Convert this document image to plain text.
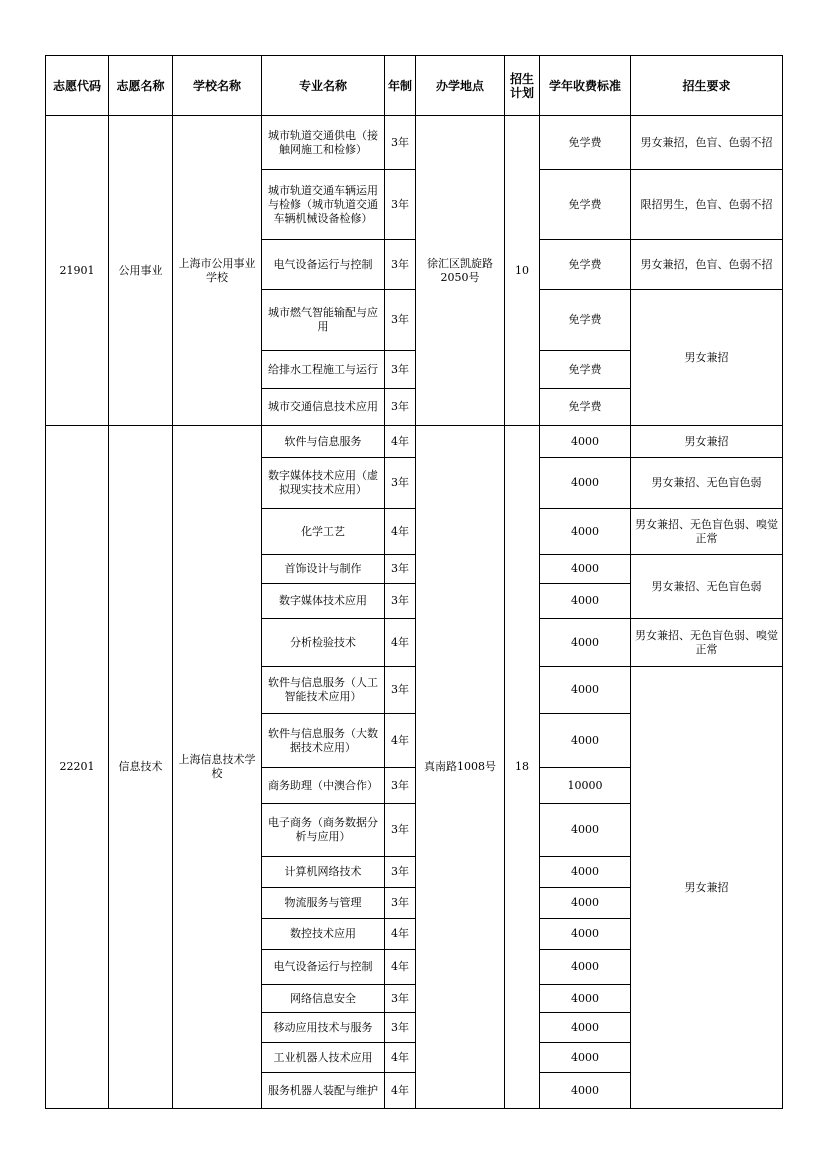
志愿代码	志愿名称	学校名称	专业名称	年制	办学地点	招生计划	学年收费标准	招生要求
21901	公用事业	上海市公用事业学校	城市轨道交通供电（接触网施工和检修）	3年	徐汇区凯旋路2050号	10	免学费	男女兼招，色盲、色弱不招
			城市轨道交通车辆运用与检修（城市轨道交通车辆机械设备检修）	3年			免学费	限招男生，色盲、色弱不招
			电气设备运行与控制	3年			免学费	男女兼招，色盲、色弱不招
			城市燃气智能输配与应用	3年			免学费	男女兼招
			给排水工程施工与运行	3年			免学费	
			城市交通信息技术应用	3年			免学费	
22201	信息技术	上海信息技术学校	软件与信息服务	4年	真南路1008号	18	4000	男女兼招
			数字媒体技术应用（虚拟现实技术应用）	3年			4000	男女兼招、无色盲色弱
			化学工艺	4年			4000	男女兼招、无色盲色弱、嗅觉正常
			首饰设计与制作	3年			4000	男女兼招、无色盲色弱
			数字媒体技术应用	3年			4000	
			分析检验技术	4年			4000	男女兼招、无色盲色弱、嗅觉正常
			软件与信息服务（人工智能技术应用）	3年			4000	男女兼招
			软件与信息服务（大数据技术应用）	4年			4000	
			商务助理（中澳合作）	3年			10000	
			电子商务（商务数据分析与应用）	3年			4000	
			计算机网络技术	3年			4000	
			物流服务与管理	3年			4000	
			数控技术应用	4年			4000	
			电气设备运行与控制	4年			4000	
			网络信息安全	3年			4000	
			移动应用技术与服务	3年			4000	
			工业机器人技术应用	4年			4000	
			服务机器人装配与维护	4年			4000	
